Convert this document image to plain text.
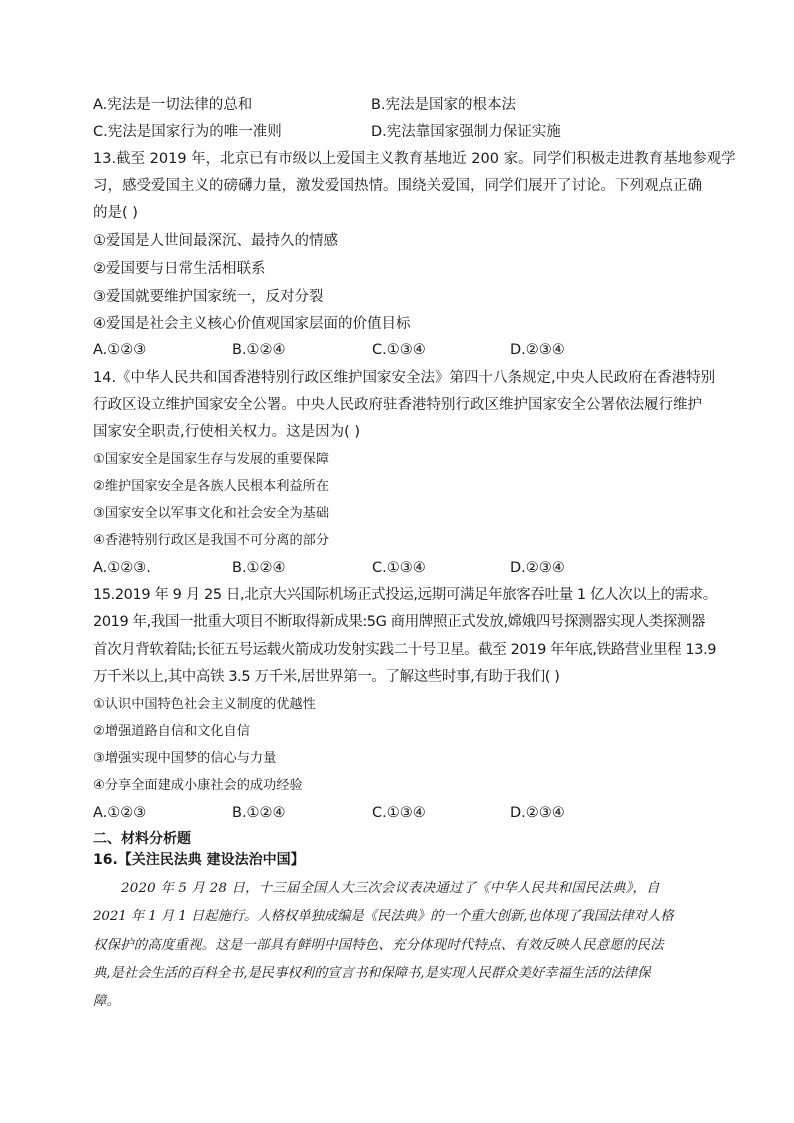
A.宪法是一切法律的总和	B.宪法是国家的根本法
C.宪法是国家行为的唯一准则	D.宪法靠国家强制力保证实施
13.截至 2019 年，北京已有市级以上爱国主义教育基地近 200 家。同学们积极走进教育基地参观学
习，感受爱国主义的磅礴力量，激发爱国热情。围绕关爱国，同学们展开了讨论。下列观点正确
的是( )
①爱国是人世间最深沉、最持久的情感
②爱国要与日常生活相联系
③爱国就要维护国家统一，反对分裂
④爱国是社会主义核心价值观国家层面的价值目标
A.①②③	B.①②④	C.①③④	D.②③④
14.《中华人民共和国香港特别行政区维护国家安全法》第四十八条规定,中央人民政府在香港特别
行政区设立维护国家安全公署。中央人民政府驻香港特别行政区维护国家安全公署依法履行维护
国家安全职责,行使相关权力。这是因为( )
①国家安全是国家生存与发展的重要保障
②维护国家安全是各族人民根本利益所在
③国家安全以军事文化和社会安全为基础
④香港特别行政区是我国不可分离的部分
A.①②③.	B.①②④	C.①③④	D.②③④
15.2019 年 9 月 25 日,北京大兴国际机场正式投运,远期可满足年旅客吞吐量 1 亿人次以上的需求。
2019 年,我国一批重大项目不断取得新成果:5G 商用牌照正式发放,嫦娥四号探测器实现人类探测器
首次月背软着陆;长征五号运载火箭成功发射实践二十号卫星。截至 2019 年年底,铁路营业里程 13.9
万千米以上,其中高铁 3.5 万千米,居世界第一。了解这些时事,有助于我们( )
①认识中国特色社会主义制度的优越性
②增强道路自信和文化自信
③增强实现中国梦的信心与力量
④分享全面建成小康社会的成功经验
A.①②③	B.①②④	C.①③④	D.②③④
二、材料分析题
16.【关注民法典 建设法治中国】
2020 年 5 月 28 日，十三届全国人大三次会议表决通过了《中华人民共和国民法典》，自
2021 年 1 月 1 日起施行。人格权单独成编是《民法典》的一个重大创新,也体现了我国法律对人格
权保护的高度重视。这是一部具有鲜明中国特色、充分体现时代特点、有效反映人民意愿的民法
典,是社会生活的百科全书,是民事权利的宣言书和保障书,是实现人民群众美好幸福生活的法律保
障。
